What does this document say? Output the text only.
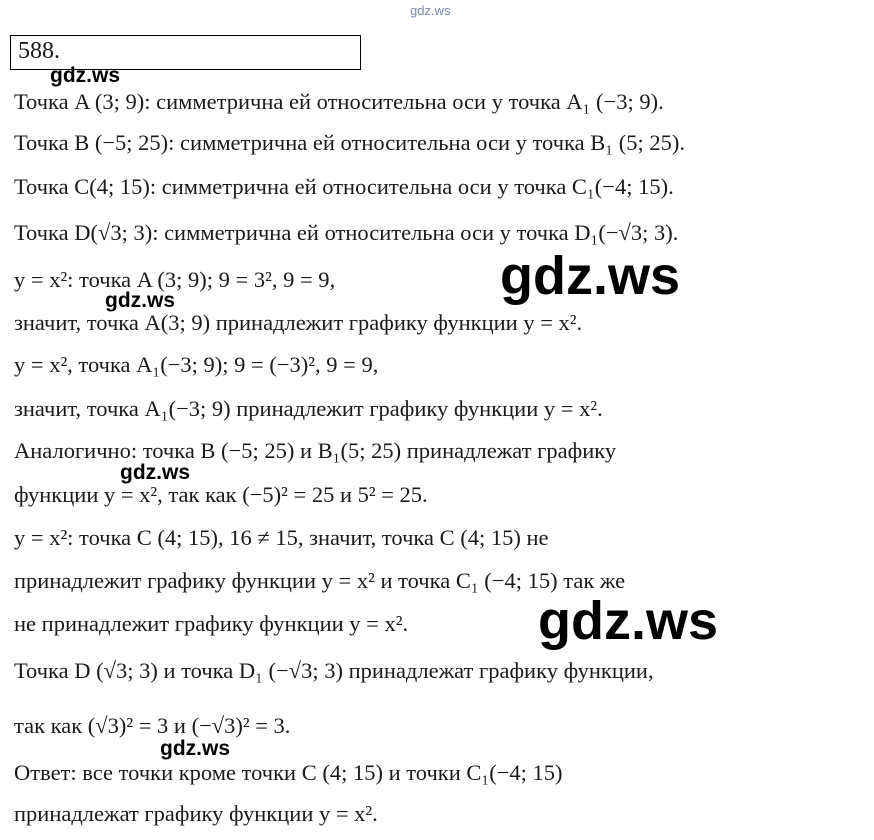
gdz.ws
588.
Точка A (3; 9): симметрична ей относительна оси y точка A₁ (−3; 9).
Точка B (−5; 25): симметрична ей относительна оси y точка B₁ (5; 25).
Точка C(4; 15): симметрична ей относительна оси y точка C₁(−4; 15).
Точка D(√3; 3): симметрична ей относительна оси y точка D₁(−√3; 3).
y = x²: точка A (3; 9); 9 = 3², 9 = 9,
значит, точка A(3; 9) принадлежит графику функции y = x².
y = x², точка A₁(−3; 9); 9 = (−3)², 9 = 9,
значит, точка A₁(−3; 9) принадлежит графику функции y = x².
Аналогично: точка B (−5; 25) и B₁(5; 25) принадлежат графику
функции y = x², так как (−5)² = 25 и 5² = 25.
y = x²: точка C (4; 15), 16 ≠ 15, значит, точка C (4; 15) не
принадлежит графику функции y = x² и точка C₁ (−4; 15) так же
не принадлежит графику функции y = x².
Точка D (√3; 3) и точка D₁ (−√3; 3) принадлежат графику функции,
так как (√3)² = 3 и (−√3)² = 3.
Ответ: все точки кроме точки C (4; 15) и точки C₁(−4; 15)
принадлежат графику функции y = x².
gdz.ws
gdz.ws
gdz.ws
gdz.ws
gdz.ws
gdz.ws
